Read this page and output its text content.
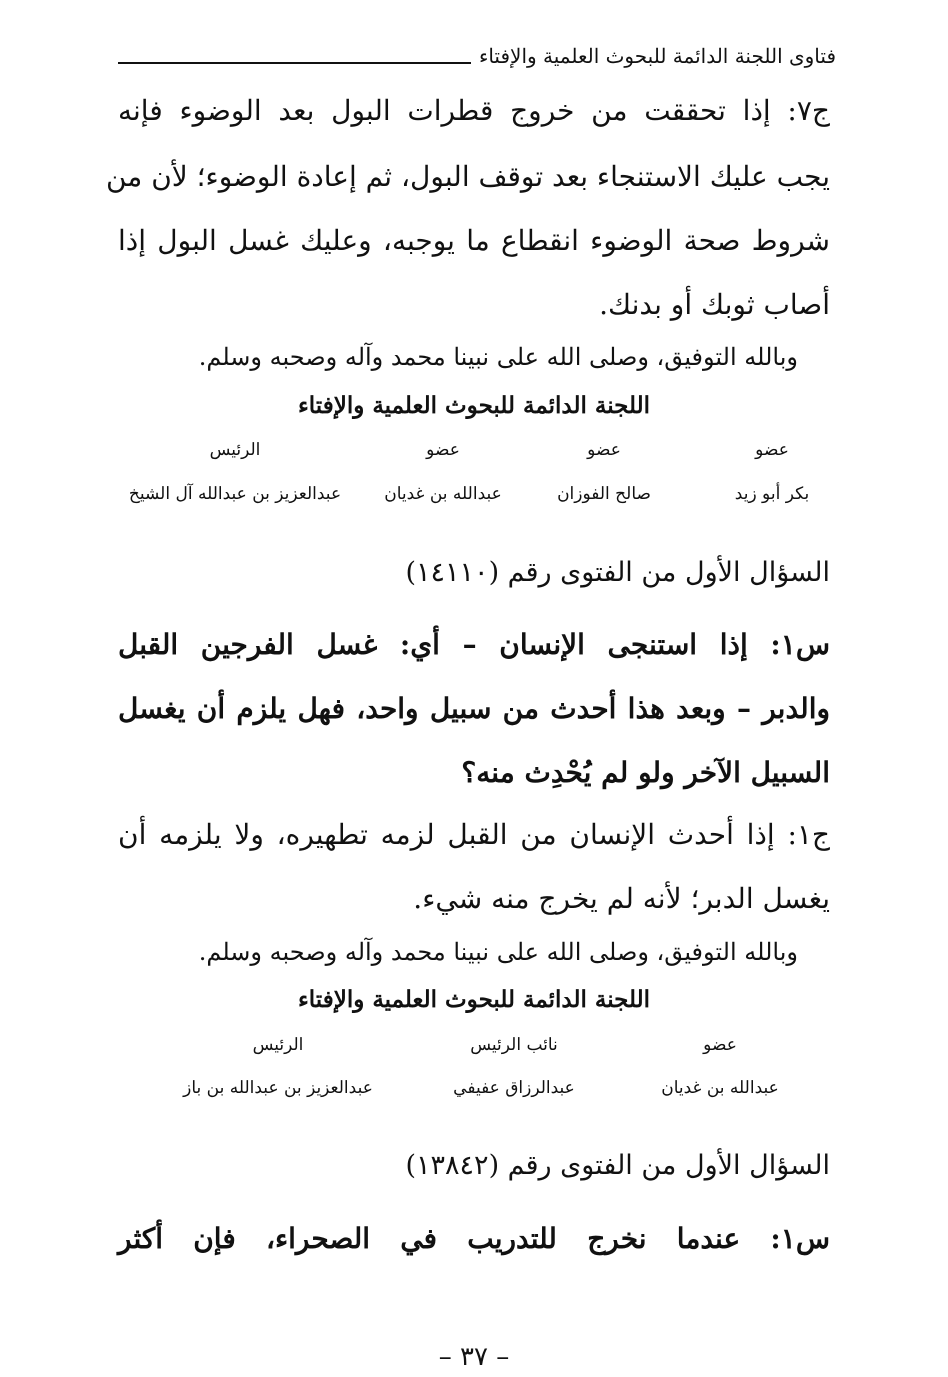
فتاوى اللجنة الدائمة للبحوث العلمية والإفتاء
ج٧: إذا تحققت من خروج قطرات البول بعد الوضوء فإنه
يجب عليك الاستنجاء بعد توقف البول، ثم إعادة الوضوء؛ لأن من
شروط صحة الوضوء انقطاع ما يوجبه، وعليك غسل البول إذا
أصاب ثوبك أو بدنك.
وبالله التوفيق، وصلى الله على نبينا محمد وآله وصحبه وسلم.
اللجنة الدائمة للبحوث العلمية والإفتاء
عضو
بكر أبو زيد
عضو
صالح الفوزان
عضو
عبدالله بن غديان
الرئيس
عبدالعزيز بن عبدالله آل الشيخ
السؤال الأول من الفتوى رقم (١٤١١٠)
س١: إذا استنجى الإنسان – أي: غسل الفرجين القبل
والدبر – وبعد هذا أحدث من سبيل واحد، فهل يلزم أن يغسل
السبيل الآخر ولو لم يُحْدِث منه؟
ج١: إذا أحدث الإنسان من القبل لزمه تطهيره، ولا يلزمه أن
يغسل الدبر؛ لأنه لم يخرج منه شيء.
وبالله التوفيق، وصلى الله على نبينا محمد وآله وصحبه وسلم.
اللجنة الدائمة للبحوث العلمية والإفتاء
عضو
عبدالله بن غديان
نائب الرئيس
عبدالرزاق عفيفي
الرئيس
عبدالعزيز بن عبدالله بن باز
السؤال الأول من الفتوى رقم (١٣٨٤٢)
س١: عندما نخرج للتدريب في الصحراء، فإن أكثر
– ٣٧ –
